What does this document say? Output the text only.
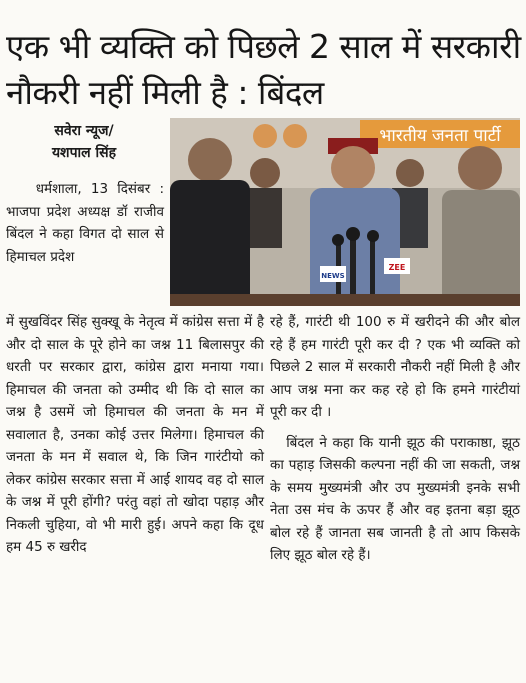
एक भी व्यक्ति को पिछले 2 साल में सरकारी नौकरी नहीं मिली है : बिंदल
सवेरा न्यूज/
यशपाल सिंह

धर्मशाला, 13 दिसंबर : भाजपा प्रदेश अध्यक्ष डॉ राजीव बिंदल ने कहा विगत दो साल से हिमाचल प्रदेश

भारतीय जनता पार्टी
ZEE
NEWS

में सुखविंदर सिंह सुक्खू के नेतृत्व में कांग्रेस सत्ता में है और दो साल के पूरे होने का जश्न 11 बिलासपुर की धरती पर सरकार द्वारा, कांग्रेस द्वारा मनाया गया। हिमाचल की जनता को उम्मीद थी कि दो साल का जश्न है उसमें जो हिमाचल की जनता के मन में सवालात है, उनका कोई उत्तर मिलेगा। हिमाचल की जनता के मन में सवाल थे, कि जिन गारंटीयो को लेकर कांग्रेस सरकार सत्ता में आई शायद वह दो साल के जश्न में पूरी होंगी? परंतु वहां तो खोदा पहाड़ और निकली चुहिया, वो भी मारी हुई। अपने कहा कि दूध हम 45 रु खरीद

रहे हैं, गारंटी थी 100 रु में खरीदने की और बोल रहे हैं हम गारंटी पूरी कर दी ? एक भी व्यक्ति को पिछले 2 साल में सरकारी नौकरी नहीं मिली है और आप जश्न मना कर कह रहे हो कि हमने गारंटीयां पूरी कर दी ।

बिंदल ने कहा कि यानी झूठ की पराकाष्ठा, झूठ का पहाड़ जिसकी कल्पना नहीं की जा सकती, जश्न के समय मुख्यमंत्री और उप मुख्यमंत्री इनके सभी नेता उस मंच के ऊपर हैं और वह इतना बड़ा झूठ बोल रहे हैं जानता सब जानती है तो आप किसके लिए झूठ बोल रहे हैं।
